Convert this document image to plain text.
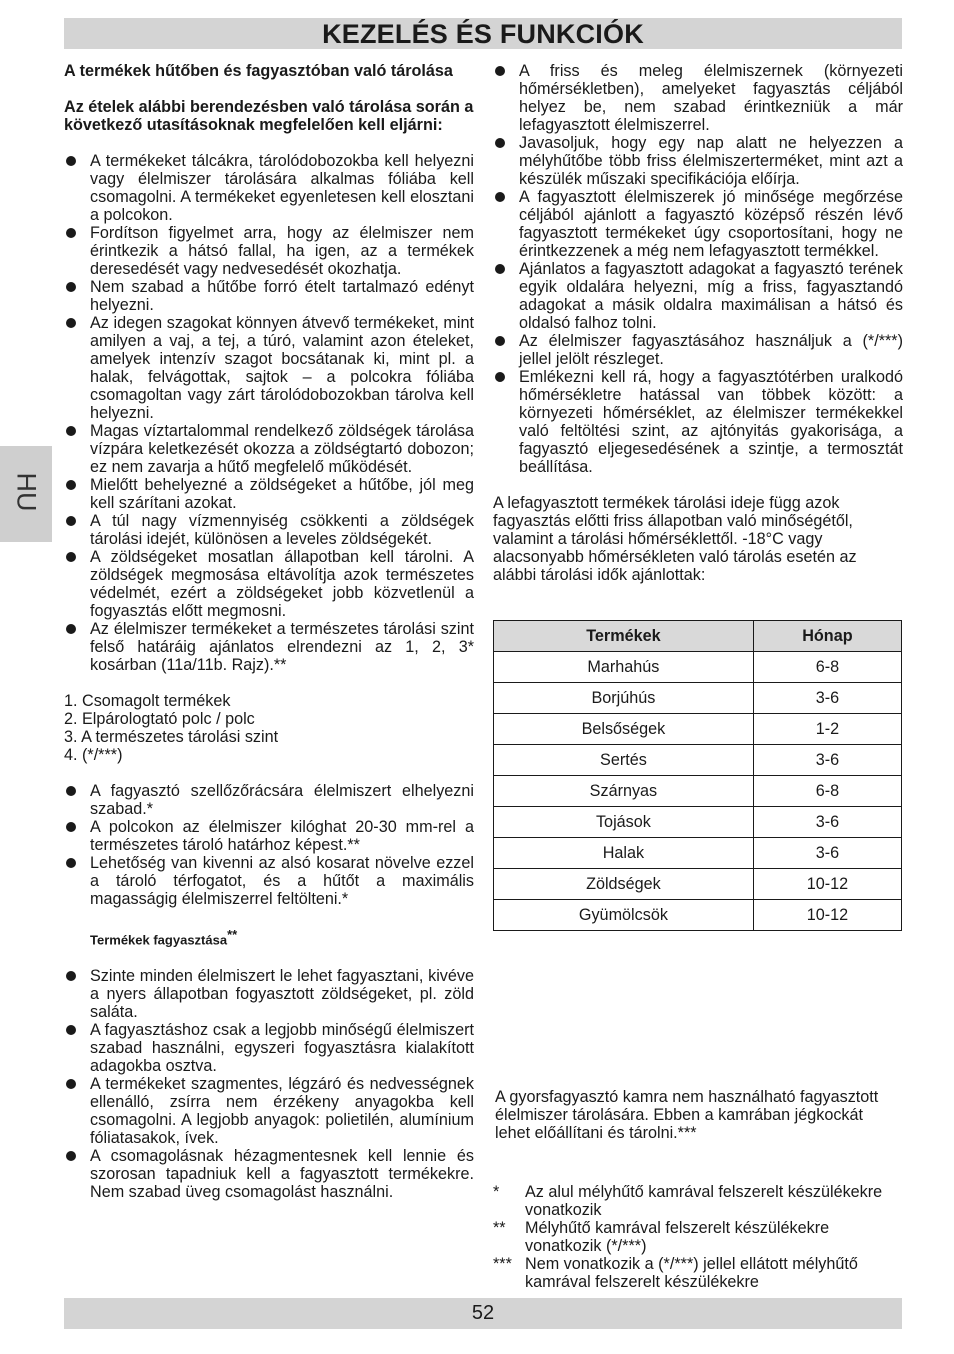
KEZELÉS ÉS FUNKCIÓK
HU

A termékek hűtőben és fagyasztóban való tárolása

Az ételek alábbi berendezésben való tárolása során a következő utasításoknak megfelelően kell eljárni:

A termékeket tálcákra, tárolódobozokba kell helyezni vagy élelmiszer tárolására alkalmas fóliába kell csomagolni. A termékeket egyenletesen kell elosztani a polcokon.
Fordítson figyelmet arra, hogy az élelmiszer nem érintkezik a hátsó fallal, ha igen, az a termékek deresedését vagy nedvesedését okozhatja.
Nem szabad a hűtőbe forró ételt tartalmazó edényt helyezni.
Az idegen szagokat könnyen átvevő termékeket, mint amilyen a vaj, a tej, a túró, valamint azon ételeket, amelyek intenzív szagot bocsátanak ki, mint pl. a halak, felvágottak, sajtok – a polcokra fóliába csomagoltan vagy zárt tárolódobozokban tárolva kell helyezni.
Magas víztartalommal rendelkező zöldségek tárolása vízpára keletkezését okozza a zöldségtartó dobozon; ez nem zavarja a hűtő megfelelő működését.
Mielőtt behelyezné a zöldségeket a hűtőbe, jól meg kell szárítani azokat.
A túl nagy vízmennyiség csökkenti a zöldségek tárolási idejét, különösen a leveles zöldségekét.
A zöldségeket mosatlan állapotban kell tárolni. A zöldségek megmosása eltávolítja azok természetes védelmét, ezért a zöldségeket jobb közvetlenül a fogyasztás előtt megmosni.
Az élelmiszer termékeket a természetes tárolási szint felső határáig ajánlatos elrendezni az 1, 2, 3* kosárban (11a/11b. Rajz).**
1. Csomagolt termékek
2. Elpárologtató polc / polc
3. A természetes tárolási szint
4. (*/***)
A fagyasztó szellőzőrácsára élelmiszert elhelyezni szabad.*
A polcokon az élelmiszer kilóghat 20-30 mm-rel a természetes tároló határhoz képest.**
Lehetőség van kivenni az alsó kosarat növelve ezzel a tároló térfogatot, és a hűtőt a maximális magasságig élelmiszerrel feltölteni.*
Termékek fagyasztása**
Szinte minden élelmiszert le lehet fagyasztani, kivéve a nyers állapotban fogyasztott zöldségeket, pl. zöld saláta.
A fagyasztáshoz csak a legjobb minőségű élelmiszert szabad használni, egyszeri fogyasztásra kialakított adagokba osztva.
A termékeket szagmentes, légzáró és nedvességnek ellenálló, zsírra nem érzékeny anyagokba kell csomagolni. A legjobb anyagok: polietilén, alumínium fóliatasakok, ívek.
A csomagolásnak hézagmentesnek kell lennie és szorosan tapadniuk kell a fagyasztott termékekre. Nem szabad üveg csomagolást használni.
A friss és meleg élelmiszernek (környezeti hőmérsékletben), amelyeket fagyasztás céljából helyez be, nem szabad érintkezniük a már lefagyasztott élelmiszerrel.
Javasoljuk, hogy egy nap alatt ne helyezzen a mélyhűtőbe több friss élelmiszerterméket, mint azt a készülék műszaki specifikációja előírja.
A fagyasztott élelmiszerek jó minősége megőrzése céljából ajánlott a fagyasztó középső részén lévő fagyasztott termékeket úgy csoportosítani, hogy ne érintkezzenek a még nem lefagyasztott termékkel.
Ajánlatos a fagyasztott adagokat a fagyasztó terének egyik oldalára helyezni, míg a friss, fagyasztandó adagokat a másik oldalra maximálisan a hátsó és oldalsó falhoz tolni.
Az élelmiszer fagyasztásához használjuk a (*/***) jellel jelölt részleget.
Emlékezni kell rá, hogy a fagyasztótérben uralkodó hőmérsékletre hatással van többek között: a környezeti hőmérséklet, az élelmiszer termékekkel való feltöltési szint, az ajtónyitás gyakorisága, a fagyasztó eljegesedésének a szintje, a termosztát beállítása.

A lefagyasztott termékek tárolási ideje függ azok fagyasztás előtti friss állapotban való minőségétől, valamint a tárolási hőmérséklettől. -18°C vagy alacsonyabb hőmérsékleten való tárolás esetén az alábbi tárolási idők ajánlottak:

Termékek	Hónap
Marhahús	6-8
Borjúhús	3-6
Belsőségek	1-2
Sertés	3-6
Szárnyas	6-8
Tojások	3-6
Halak	3-6
Zöldségek	10-12
Gyümölcsök	10-12

A gyorsfagyasztó kamra nem használható fagyasztott élelmiszer tárolására. Ebben a kamrában jégkockát lehet előállítani és tárolni.***

* Az alul mélyhűtő kamrával felszerelt készülékekre vonatkozik
** Mélyhűtő kamrával felszerelt készülékekre vonatkozik (*/***)
*** Nem vonatkozik a (*/***) jellel ellátott mélyhűtő kamrával felszerelt készülékekre
52
